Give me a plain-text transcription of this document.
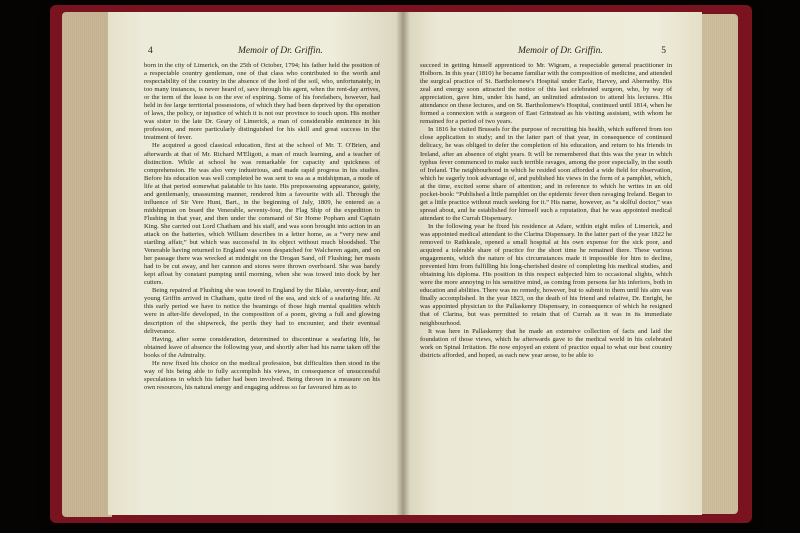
4	Memoir of Dr. Griffin.

born in the city of Limerick, on the 25th of October, 1794; his father held the position of a respectable country gentleman, one of that class who contributed to the worth and respectability of the country in the absence of the lord of the soil, who, unfortunately, in too many instances, is never heard of, save through his agent, when the rent-day arrives, or the term of the lease is on the eve of expiring. Some of his forefathers, however, had held in fee large territorial possessions, of which they had been deprived by the operation of laws, the policy, or injustice of which it is not our province to touch upon. His mother was sister to the late Dr. Geary of Limerick, a man of considerable eminence in his profession, and more particularly distinguished for his skill and great success in the treatment of fever.

He acquired a good classical education, first at the school of Mr. T. O'Brien, and afterwards at that of Mr. Richard M'Eligott, a man of much learning, and a teacher of distinction. While at school he was remarkable for capacity and quickness of comprehension. He was also very industrious, and made rapid progress in his studies. Before his education was well completed he was sent to sea as a midshipman, a mode of life at that period somewhat palatable to his taste. His prepossessing appearance, gaiety, and gentlemanly, unassuming manner, rendered him a favourite with all. Through the influence of Sir Vere Hunt, Bart., in the beginning of July, 1809, he entered as a midshipman on board the Venerable, seventy-four, the Flag Ship of the expedition to Flushing in that year, and then under the command of Sir Home Popham and Captain King. She carried out Lord Chatham and his staff, and was soon brought into action in an attack on the batteries, which William describes in a letter home, as a “very new and startling affair,” but which was successful in its object without much bloodshed. The Venerable having returned to England was soon despatched for Walcheren again, and on her passage there was wrecked at midnight on the Drogan Sand, off Flushing; her masts had to be cut away, and her cannon and stores were thrown overboard. She was barely kept afloat by constant pumping until morning, when she was towed into dock by her cutters.

Being repaired at Flushing she was towed to England by the Blake, seventy-four, and young Griffin arrived in Chatham, quite tired of the sea, and sick of a seafaring life. At this early period we have to notice the beamings of those high mental qualities which were in after-life developed, in the composition of a poem, giving a full and glowing description of the shipwreck, the perils they had to encounter, and their eventual deliverance.

Having, after some consideration, determined to discontinue a seafaring life, he obtained leave of absence the following year, and shortly after had his name taken off the books of the Admiralty.

He now fixed his choice on the medical profession, but difficulties then stood in the way of his being able to fully accomplish his views, in consequence of unsuccessful speculations in which his father had been involved. Being thrown in a measure on his own resources, his natural energy and engaging address so far favoured him as to

Memoir of Dr. Griffin.	5

succeed in getting himself apprenticed to Mr. Wigram, a respectable general practitioner in Holborn. In this year (1810) he became familiar with the composition of medicine, and attended the surgical practice of St. Bartholomew's Hospital under Earle, Harvey, and Abernethy. His zeal and energy soon attracted the notice of this last celebrated surgeon, who, by way of appreciation, gave him, under his hand, an unlimited admission to attend his lectures. His attendance on these lectures, and on St. Bartholomew's Hospital, continued until 1814, when he formed a connexion with a surgeon of East Grinstead as his visiting assistant, with whom he remained for a period of two years.

In 1816 he visited Brussels for the purpose of recruiting his health, which suffered from too close application to study; and in the latter part of that year, in consequence of continued delicacy, he was obliged to defer the completion of his education, and return to his friends in Ireland, after an absence of eight years. It will be remembered that this was the year in which typhus fever commenced to make such terrible ravages, among the poor especially, in the south of Ireland. The neighbourhood in which he resided soon afforded a wide field for observation, which he eagerly took advantage of, and published his views in the form of a pamphlet, which, at the time, excited some share of attention; and in reference to which he writes in an old pocket-book: “Published a little pamphlet on the epidemic fever then ravaging Ireland. Began to get a little practice without much seeking for it.” His name, however, as “a skilful doctor,” was spread about, and he established for himself such a reputation, that he was appointed medical attendant to the Currah Dispensary.

In the following year he fixed his residence at Adare, within eight miles of Limerick, and was appointed medical attendant to the Clarina Dispensary. In the latter part of the year 1822 he removed to Rathkeale, opened a small hospital at his own expense for the sick poor, and acquired a tolerable share of practice for the short time he remained there. These various engagements, which the nature of his circumstances made it impossible for him to decline, prevented him from fulfilling his long-cherished desire of completing his medical studies, and obtaining his diploma. His position in this respect subjected him to occasional slights, which were the more annoying to his sensitive mind, as coming from persons far his inferiors, both in education and abilities. There was no remedy, however, but to submit to them until his aim was finally accomplished. In the year 1823, on the death of his friend and relative, Dr. Enright, he was appointed physician to the Pallaskenry Dispensary, in consequence of which he resigned that of Clarina, but was permitted to retain that of Currah as it was in its immediate neighbourhood.

It was here in Pallaskenry that he made an extensive collection of facts and laid the foundation of those views, which he afterwards gave to the medical world in his celebrated work on Spinal Irritation. He now enjoyed an extent of practice equal to what our best country districts afforded, and hoped, as each new year arose, to be able to
